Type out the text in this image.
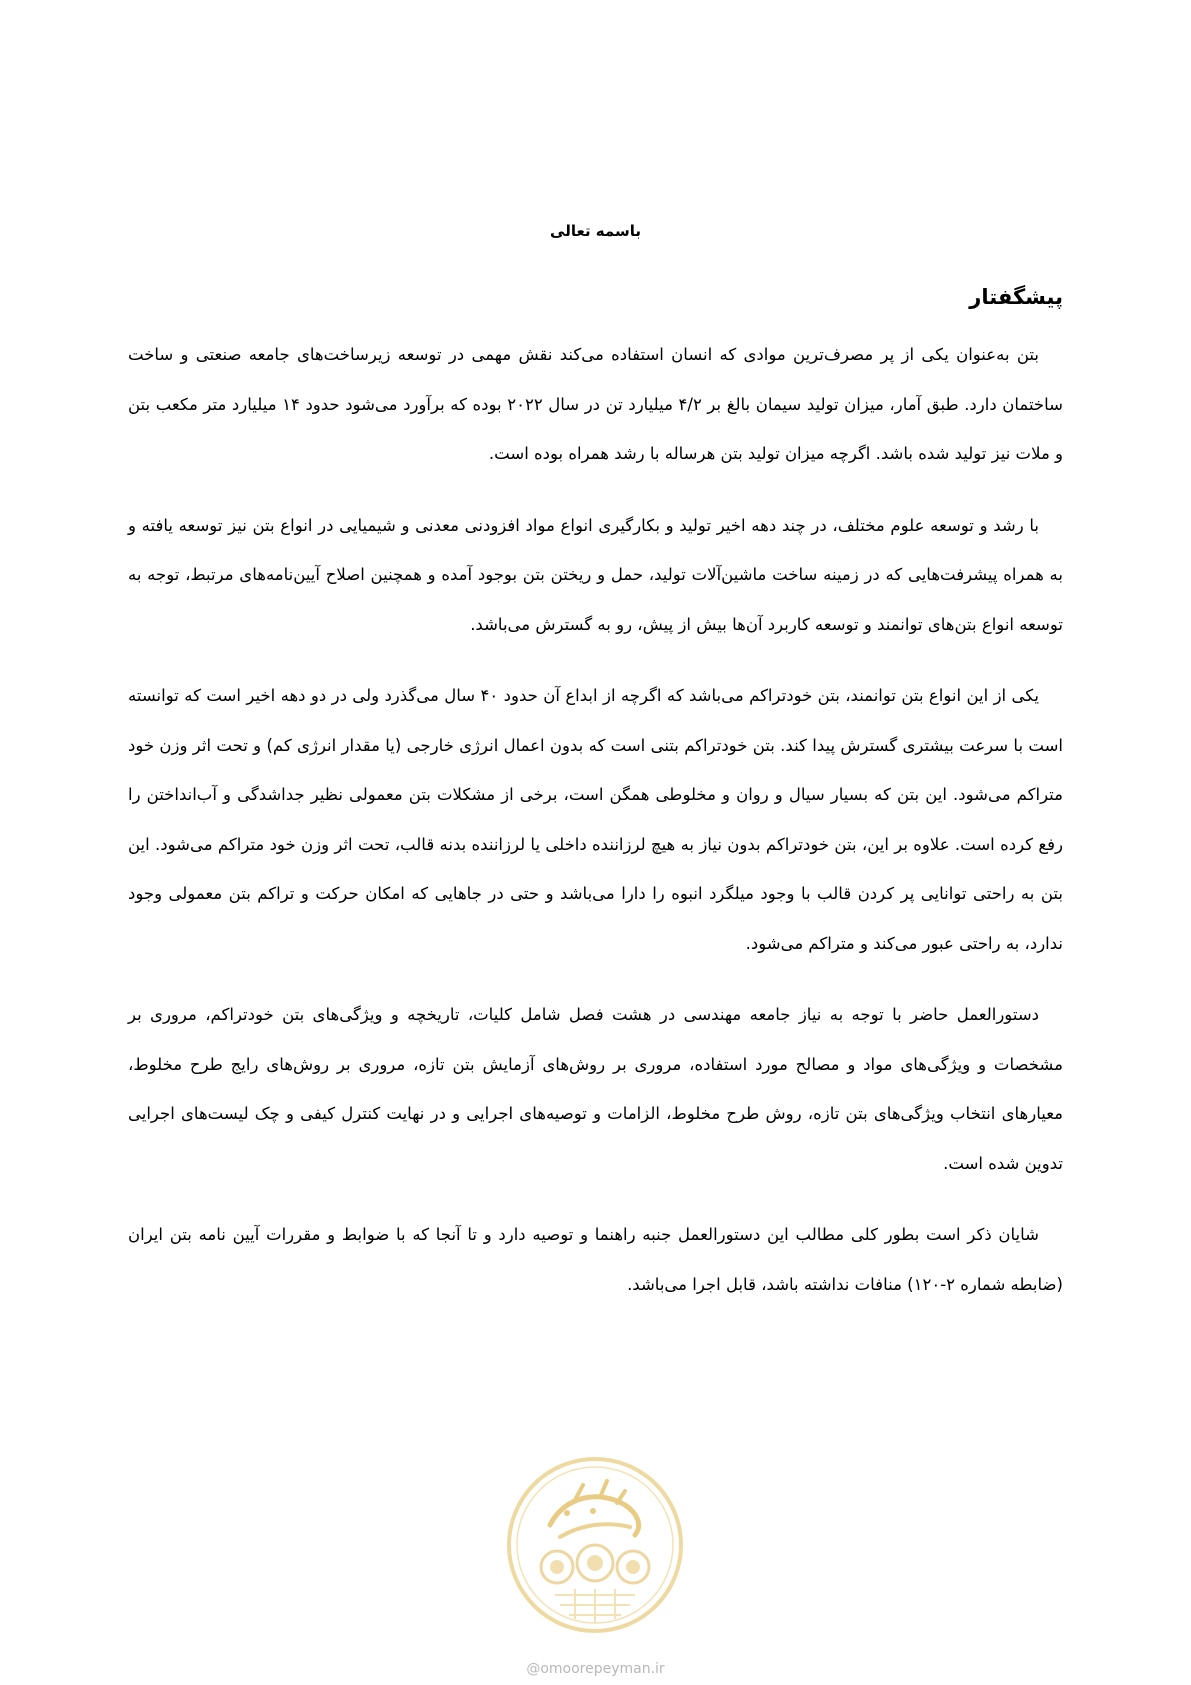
باسمه تعالی
پیشگفتار

بتن به‌عنوان یکی از پر مصرف‌ترین موادی که انسان استفاده می‌کند نقش مهمی در توسعه زیرساخت‌های جامعه صنعتی و ساخت ساختمان دارد. طبق آمار، میزان تولید سیمان بالغ بر ۴/۲ میلیارد تن در سال ۲۰۲۲ بوده که برآورد می‌شود حدود ۱۴ میلیارد متر مکعب بتن و ملات نیز تولید شده باشد. اگرچه میزان تولید بتن هرساله با رشد همراه بوده است.

با رشد و توسعه علوم مختلف، در چند دهه اخیر تولید و بکارگیری انواع مواد افزودنی معدنی و شیمیایی در انواع بتن نیز توسعه یافته و به همراه پیشرفت‌هایی که در زمینه ساخت ماشین‌آلات تولید، حمل و ریختن بتن بوجود آمده و همچنین اصلاح آیین‌نامه‌های مرتبط، توجه به توسعه انواع بتن‌های توانمند و توسعه کاربرد آن‌ها بیش از پیش، رو به گسترش می‌باشد.

یکی از این انواع بتن توانمند، بتن خودتراکم می‌باشد که اگرچه از ابداع آن حدود ۴۰ سال می‌گذرد ولی در دو دهه اخیر است که توانسته است با سرعت بیشتری گسترش پیدا کند. بتن خودتراکم بتنی است که بدون اعمال انرژی خارجی (یا مقدار انرژی کم) و تحت اثر وزن خود متراکم می‌شود. این بتن که بسیار سیال و روان و مخلوطی همگن است، برخی از مشکلات بتن معمولی نظیر جداشدگی و آب‌انداختن را رفع کرده است. علاوه بر این، بتن خودتراکم بدون نیاز به هیچ لرزاننده داخلی یا لرزاننده بدنه قالب، تحت اثر وزن خود متراکم می‌شود. این بتن به راحتی توانایی پر کردن قالب با وجود میلگرد انبوه را دارا می‌باشد و حتی در جاهایی که امکان حرکت و تراکم بتن معمولی وجود ندارد، به راحتی عبور می‌کند و متراکم می‌شود.

دستورالعمل حاضر با توجه به نیاز جامعه مهندسی در هشت فصل شامل کلیات، تاریخچه و ویژگی‌های بتن خودتراکم، مروری بر مشخصات و ویژگی‌های مواد و مصالح مورد استفاده، مروری بر روش‌های آزمایش بتن تازه، مروری بر روش‌های رایج طرح مخلوط، معیارهای انتخاب ویژگی‌های بتن تازه، روش طرح مخلوط، الزامات و توصیه‌های اجرایی و در نهایت کنترل کیفی و چک لیست‌های اجرایی تدوین شده است.

شایان ذکر است بطور کلی مطالب این دستورالعمل جنبه راهنما و توصیه دارد و تا آنجا که با ضوابط و مقررات آیین نامه بتن ایران (ضابطه شماره ۲-۱۲۰) منافات نداشته باشد، قابل اجرا می‌باشد.

@omoorepeyman.ir
